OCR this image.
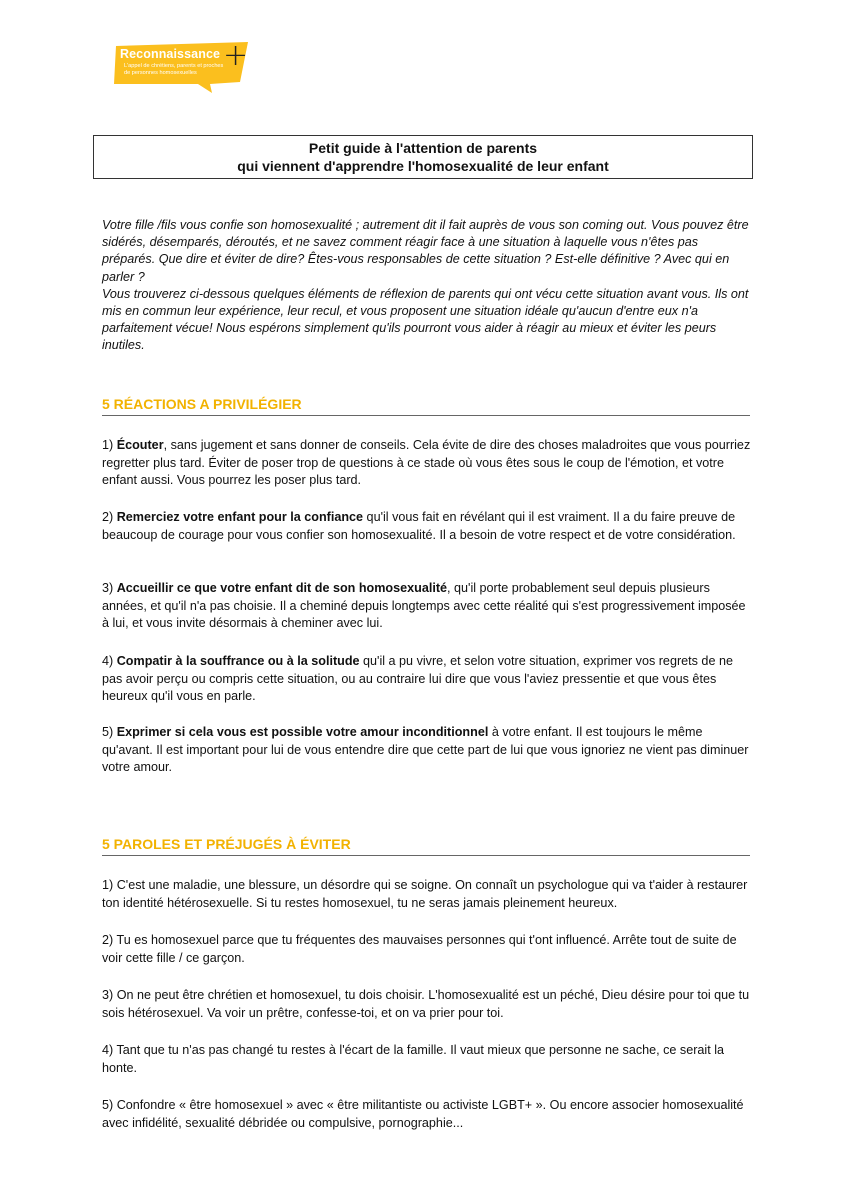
Reconnaissance
L'appel de chrétiens, parents et proches
de personnes homosexuelles +
Petit guide à l'attention de parents
qui viennent d'apprendre l'homosexualité de leur enfant

Votre fille /fils vous confie son homosexualité ; autrement dit il fait auprès de vous son coming out. Vous pouvez être sidérés, désemparés, déroutés, et ne savez comment réagir face à une situation à laquelle vous n'êtes pas préparés. Que dire et éviter de dire? Êtes-vous responsables de cette situation ? Est-elle définitive ? Avec qui en parler ?

Vous trouverez ci-dessous quelques éléments de réflexion de parents qui ont vécu cette situation avant vous. Ils ont mis en commun leur expérience, leur recul, et vous proposent une situation idéale qu'aucun d'entre eux n'a parfaitement vécue! Nous espérons simplement qu'ils pourront vous aider à réagir au mieux et éviter les peurs inutiles.

5 RÉACTIONS A PRIVILÉGIER

1) Écouter, sans jugement et sans donner de conseils. Cela évite de dire des choses maladroites que vous pourriez regretter plus tard. Éviter de poser trop de questions à ce stade où vous êtes sous le coup de l'émotion, et votre enfant aussi. Vous pourrez les poser plus tard.

2) Remerciez votre enfant pour la confiance qu'il vous fait en révélant qui il est vraiment. Il a du faire preuve de beaucoup de courage pour vous confier son homosexualité. Il a besoin de votre respect et de votre considération.

3) Accueillir ce que votre enfant dit de son homosexualité, qu'il porte probablement seul depuis plusieurs années, et qu'il n'a pas choisie. Il a cheminé depuis longtemps avec cette réalité qui s'est progressivement imposée à lui, et vous invite désormais à cheminer avec lui.

4) Compatir à la souffrance ou à la solitude qu'il a pu vivre, et selon votre situation, exprimer vos regrets de ne pas avoir perçu ou compris cette situation, ou au contraire lui dire que vous l'aviez pressentie et que vous êtes heureux qu'il vous en parle.

5) Exprimer si cela vous est possible votre amour inconditionnel à votre enfant. Il est toujours le même qu'avant. Il est important pour lui de vous entendre dire que cette part de lui que vous ignoriez ne vient pas diminuer votre amour.

5 PAROLES ET PRÉJUGÉS À ÉVITER

1) C'est une maladie, une blessure, un désordre qui se soigne. On connaît un psychologue qui va t'aider à restaurer ton identité hétérosexuelle. Si tu restes homosexuel, tu ne seras jamais pleinement heureux.

2) Tu es homosexuel parce que tu fréquentes des mauvaises personnes qui t'ont influencé. Arrête tout de suite de voir cette fille / ce garçon.

3) On ne peut être chrétien et homosexuel, tu dois choisir. L'homosexualité est un péché, Dieu désire pour toi que tu sois hétérosexuel. Va voir un prêtre, confesse-toi, et on va prier pour toi.

4) Tant que tu n'as pas changé tu restes à l'écart de la famille. Il vaut mieux que personne ne sache, ce serait la honte.

5) Confondre « être homosexuel » avec « être militantiste ou activiste LGBT+ ». Ou encore associer homosexualité avec infidélité, sexualité débridée ou compulsive, pornographie...
